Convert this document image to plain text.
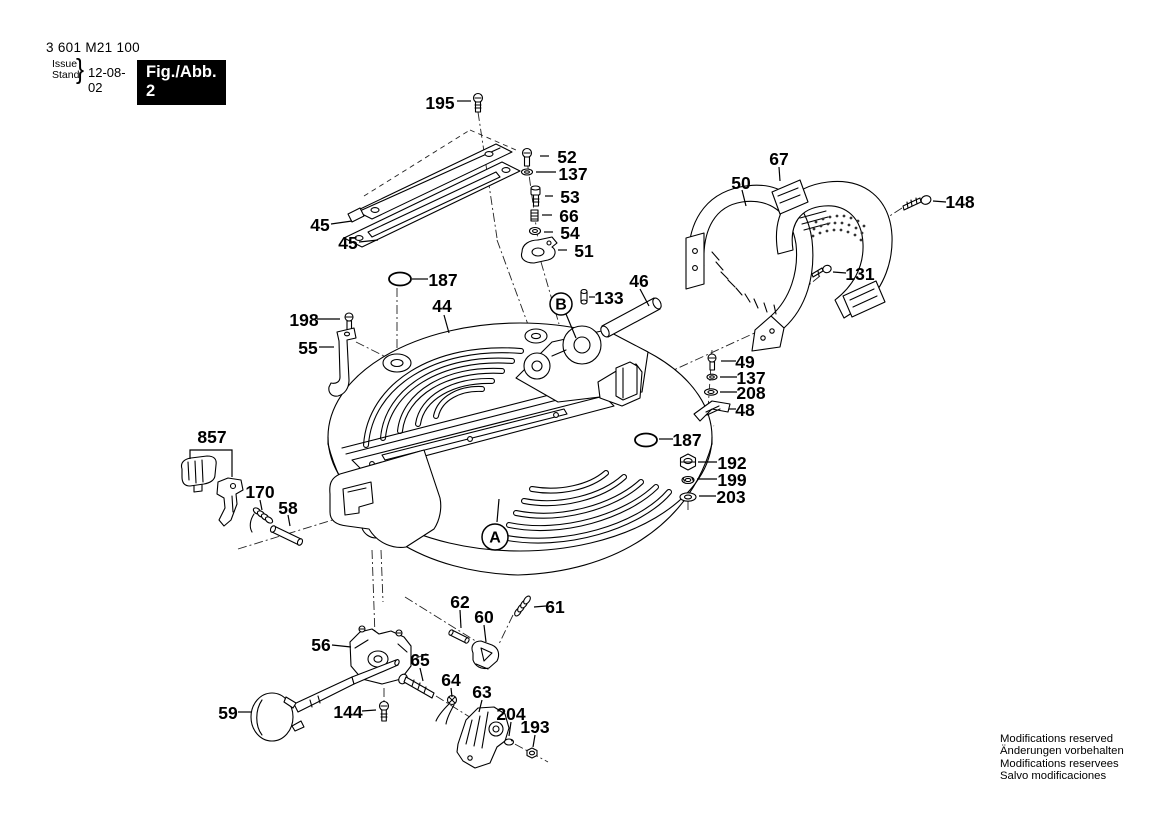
3 601 M21 100
Issue
Stand
} 12-08-02
Fig./Abb. 2
Modifications reserved
Änderungen vorbehalten
Modifications reservees
Salvo modificaciones
195
52
137
53
66
54
51
45
45
187
44	133
46
198
55
67
50
148
131
49
137
208
48
187
192
199
203
857
170
58
62
60	61
56
65
64
63
59	144	204
193
A
B
